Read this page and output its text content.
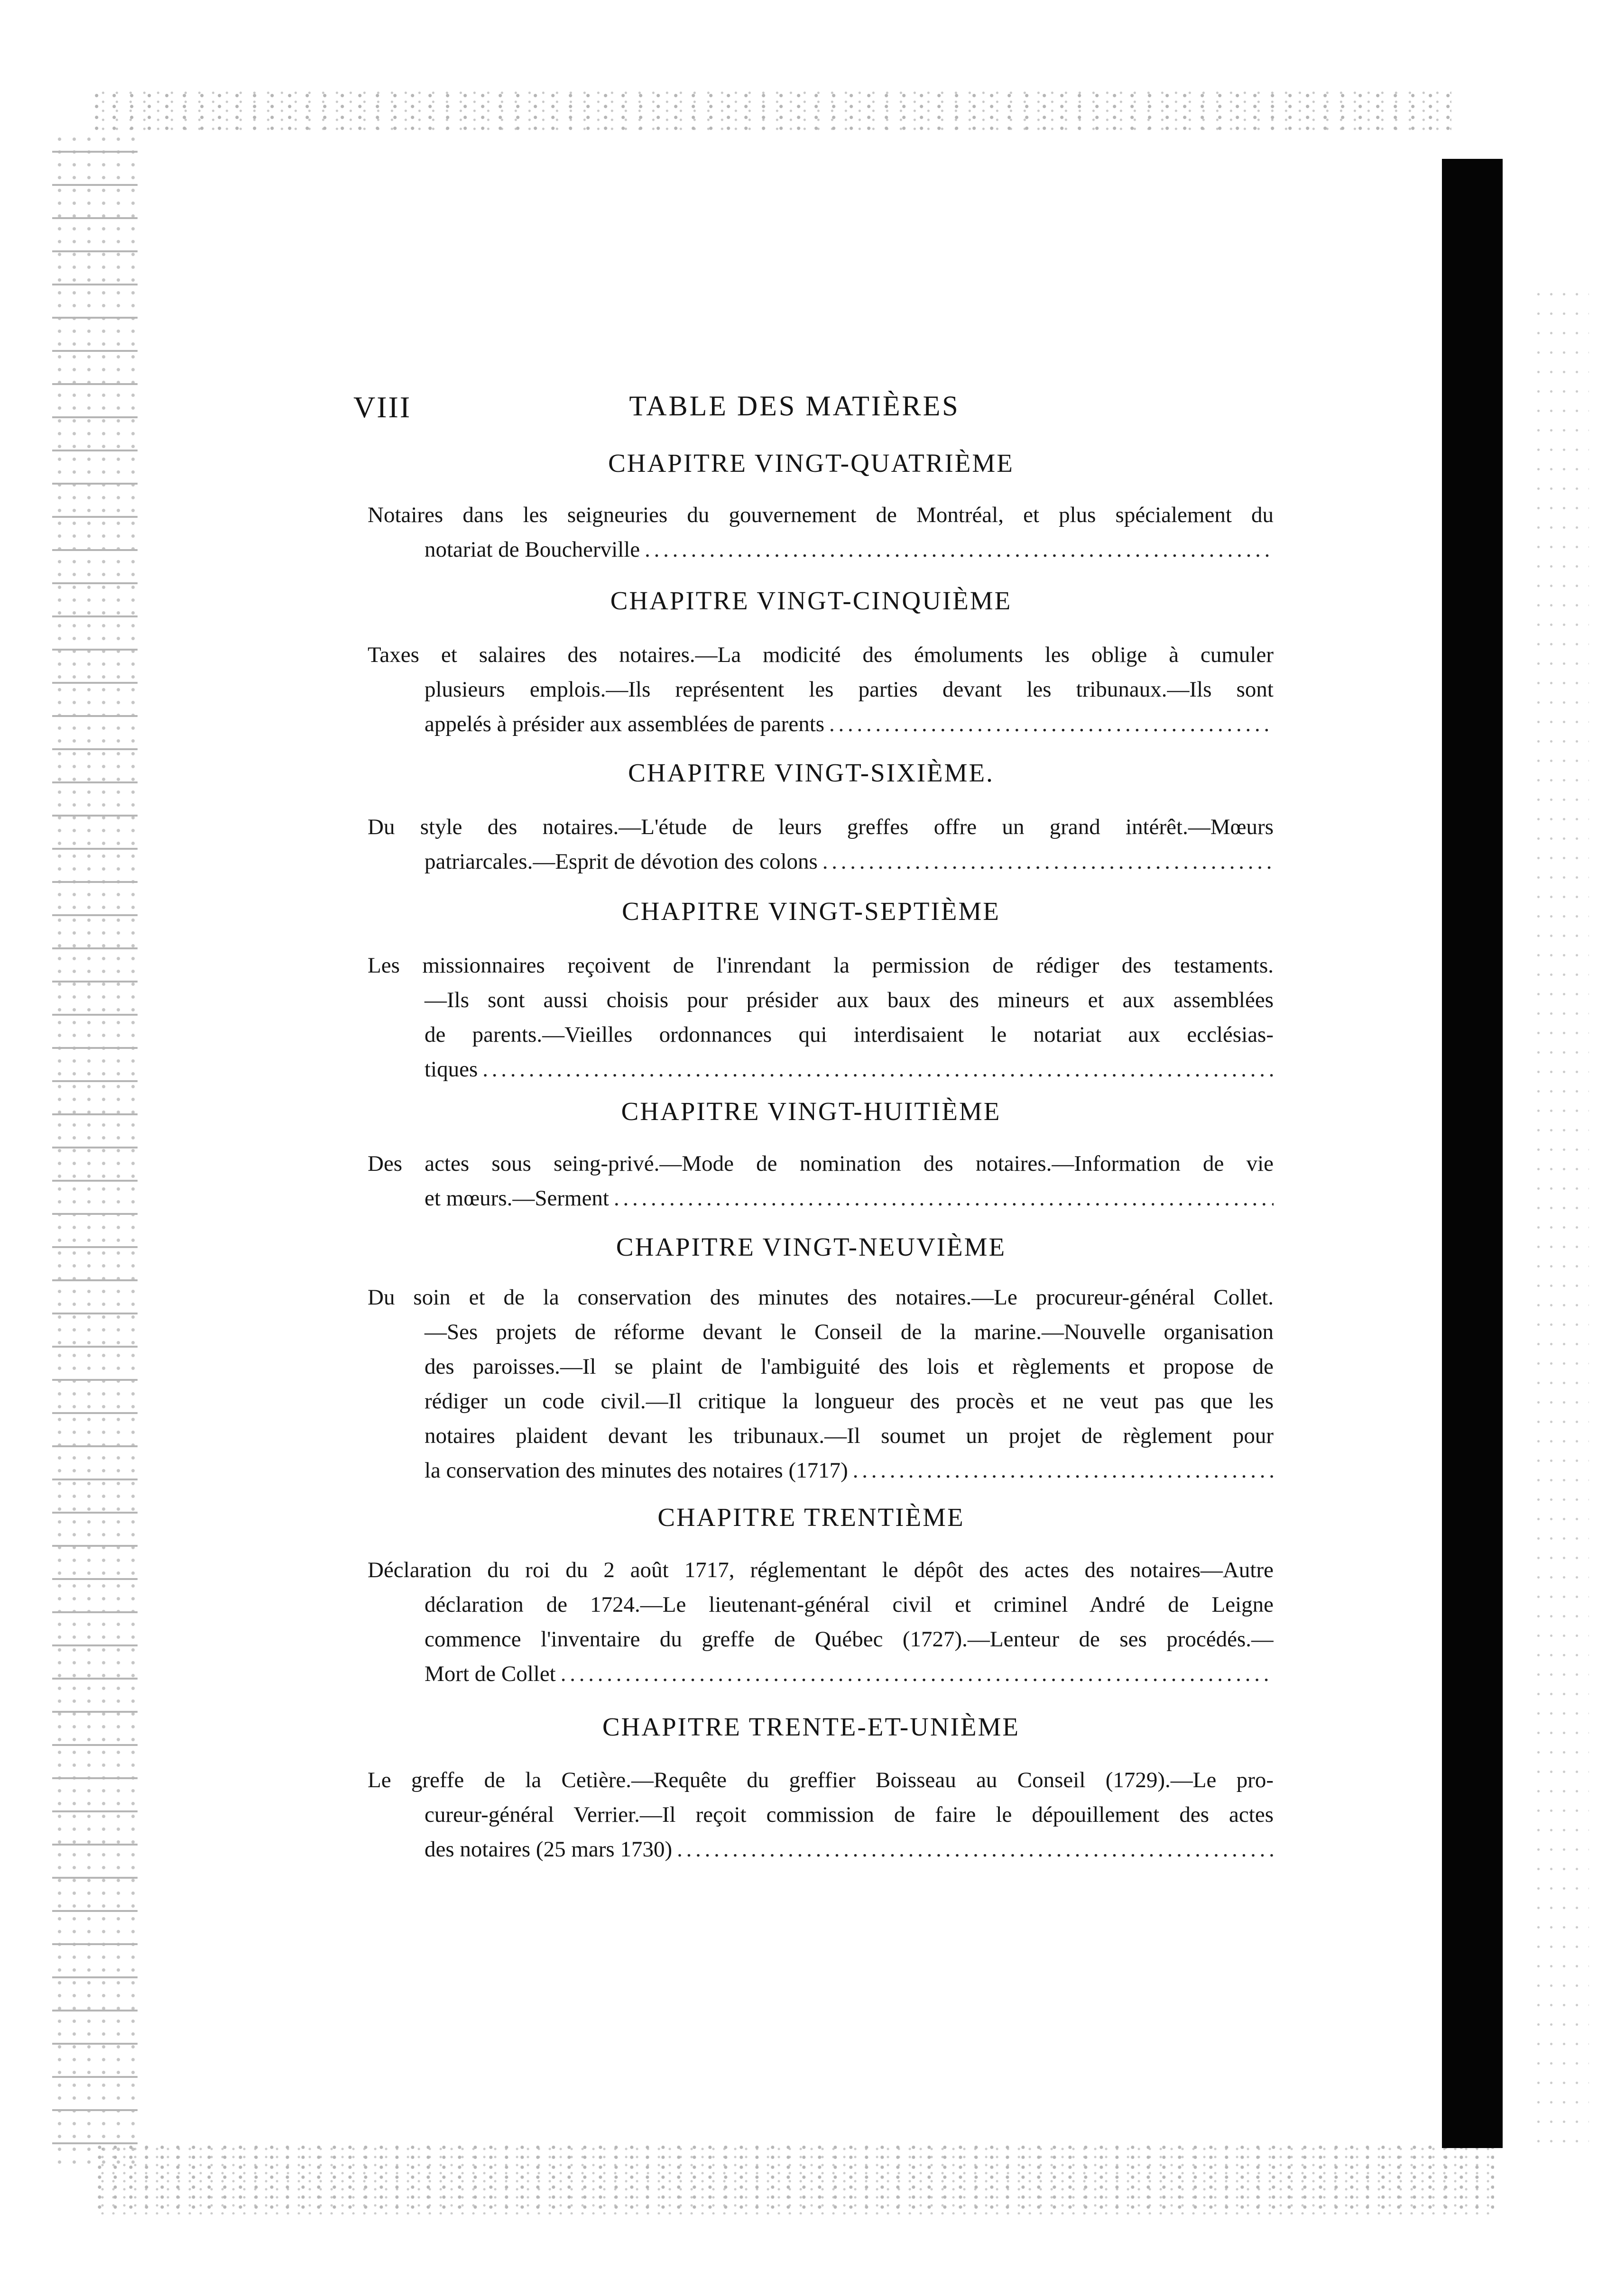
VIII	TABLE DES MATIÈRES
CHAPITRE VINGT-QUATRIÈME
Notaires dans les seigneuries du gouvernement de Montréal, et plus spécialement du
notariat de Boucherville
. . .
CHAPITRE VINGT-CINQUIÈME
Taxes et salaires des notaires.—La modicité des émoluments les oblige à cumuler
plusieurs emplois.—Ils représentent les parties devant les tribunaux.—Ils sont
appelés à présider aux assemblées de parents
. . .
CHAPITRE VINGT-SIXIÈME.
Du style des notaires.—L'étude de leurs greffes offre un grand intérêt.—Mœurs
patriarcales.—Esprit de dévotion des colons
. . .
CHAPITRE VINGT-SEPTIÈME
Les missionnaires reçoivent de l'inrendant la permission de rédiger des testaments.
—Ils sont aussi choisis pour présider aux baux des mineurs et aux assemblées
de parents.—Vieilles ordonnances qui interdisaient le notariat aux ecclésias-
tiques
. . .
CHAPITRE VINGT-HUITIÈME
Des actes sous seing-privé.—Mode de nomination des notaires.—Information de vie
et mœurs.—Serment
. . .
CHAPITRE VINGT-NEUVIÈME
Du soin et de la conservation des minutes des notaires.—Le procureur-général Collet.
—Ses projets de réforme devant le Conseil de la marine.—Nouvelle organisation
des paroisses.—Il se plaint de l'ambiguité des lois et règlements et propose de
rédiger un code civil.—Il critique la longueur des procès et ne veut pas que les
notaires plaident devant les tribunaux.—Il soumet un projet de règlement pour
la conservation des minutes des notaires (1717)
. . .
CHAPITRE TRENTIÈME
Déclaration du roi du 2 août 1717, réglementant le dépôt des actes des notaires—Autre
déclaration de 1724.—Le lieutenant-général civil et criminel André de Leigne
commence l'inventaire du greffe de Québec (1727).—Lenteur de ses procédés.—
Mort de Collet
. . .
CHAPITRE TRENTE-ET-UNIÈME
Le greffe de la Cetière.—Requête du greffier Boisseau au Conseil (1729).—Le pro-
cureur-général Verrier.—Il reçoit commission de faire le dépouillement des actes
des notaires (25 mars 1730)
. . .
